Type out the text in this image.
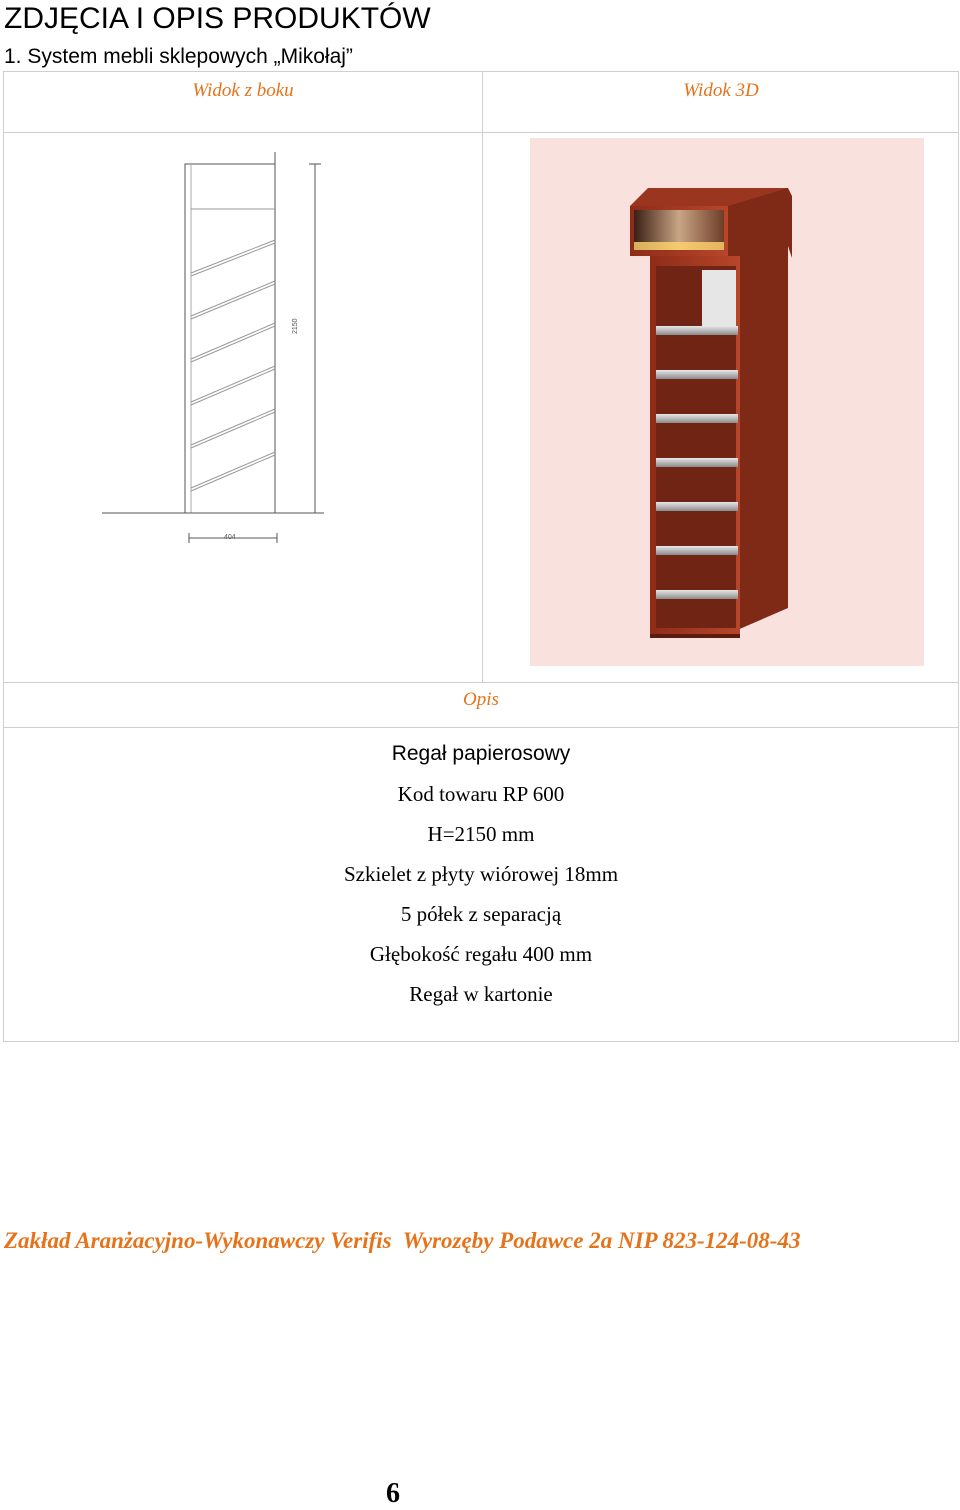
ZDJĘCIA I OPIS PRODUKTÓW
1. System mebli sklepowych „Mikołaj”
Widok z boku	Widok 3D
2150
404
Opis
Regał papierosowy
Kod towaru RP 600
H=2150 mm
Szkielet z płyty wiórowej 18mm
5 półek z separacją
Głębokość regału 400 mm
Regał w kartonie
Zakład Aranżacyjno-Wykonawczy Verifis  Wyrozęby Podawce 2a NIP 823-124-08-43
6
